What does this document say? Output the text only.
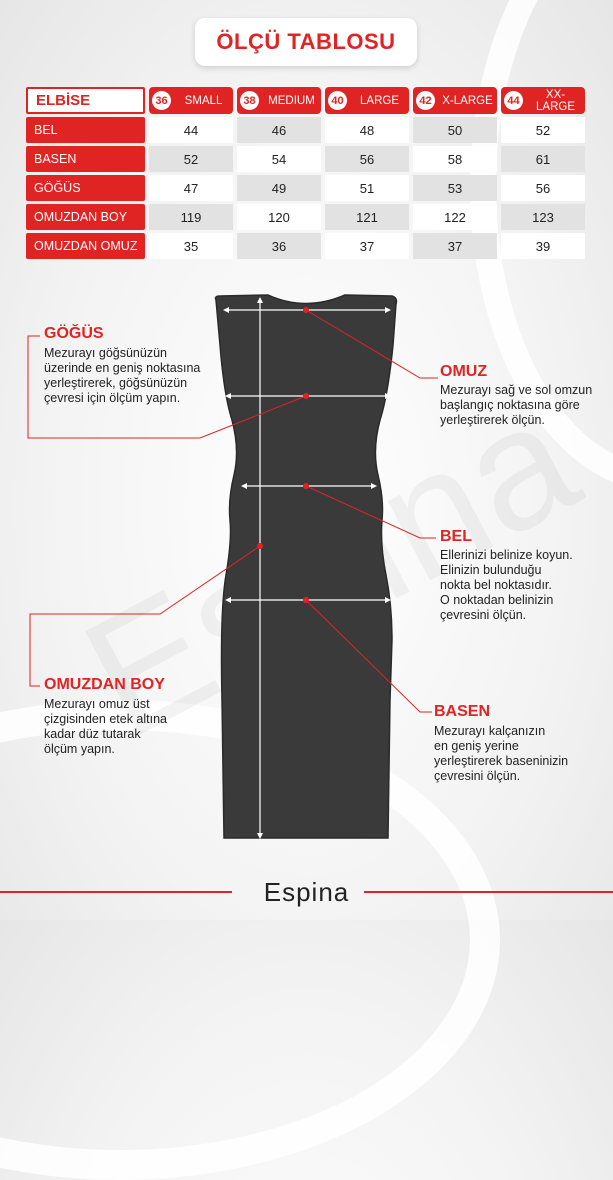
ÖLÇÜ TABLOSU
ELBİSE	36	SMALL	38 MEDIUM	40	LARGE	42 X-LARGE	44	XX-LARGE
BEL	44	46	48	50	52
BASEN	52	54	56	58	61
GÖĞÜS	47	49	51	53	56
OMUZDAN BOY	119	120	121	122	123
OMUZDAN OMUZ	35	36	37	37	39
GÖĞÜS
Mezurayı göğsünüzün
üzerinde en geniş noktasına
yerleştirerek, göğsünüzün
çevresi için ölçüm yapın.
OMUZ
Mezurayı sağ ve sol omzun
başlangıç noktasına göre
yerleştirerek ölçün.
BEL
Ellerinizi belinize koyun.
Elinizin bulunduğu
nokta bel noktasıdır.
O noktadan belinizin
çevresini ölçün.
OMUZDAN BOY
Mezurayı omuz üst
çizgisinden etek altına
kadar düz tutarak
ölçüm yapın.
BASEN
Mezurayı kalçanızın
en geniş yerine
yerleştirerek baseninizin
çevresini ölçün.
Espina
